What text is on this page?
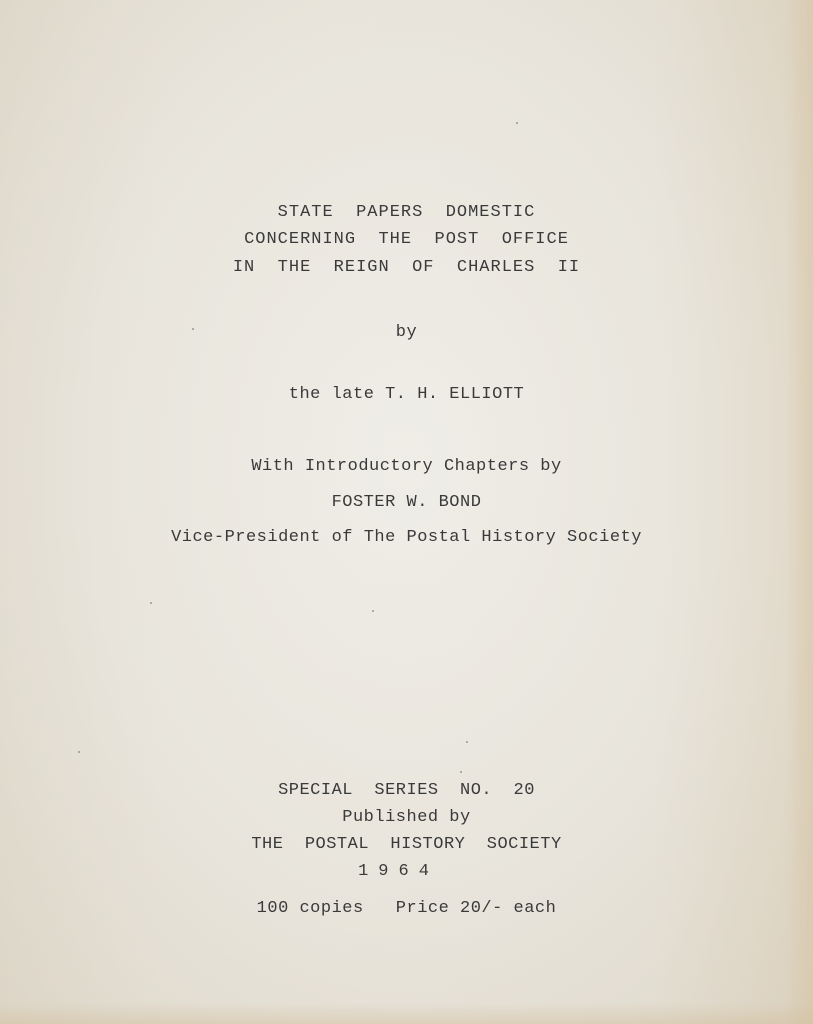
STATE  PAPERS  DOMESTIC
CONCERNING  THE  POST  OFFICE
IN  THE  REIGN  OF  CHARLES  II
by
the late T. H. ELLIOTT
With Introductory Chapters by
FOSTER W. BOND
Vice-President of The Postal History Society
SPECIAL  SERIES  NO.  20
Published by
THE  POSTAL  HISTORY  SOCIETY
1964
100 copies   Price 20/- each
